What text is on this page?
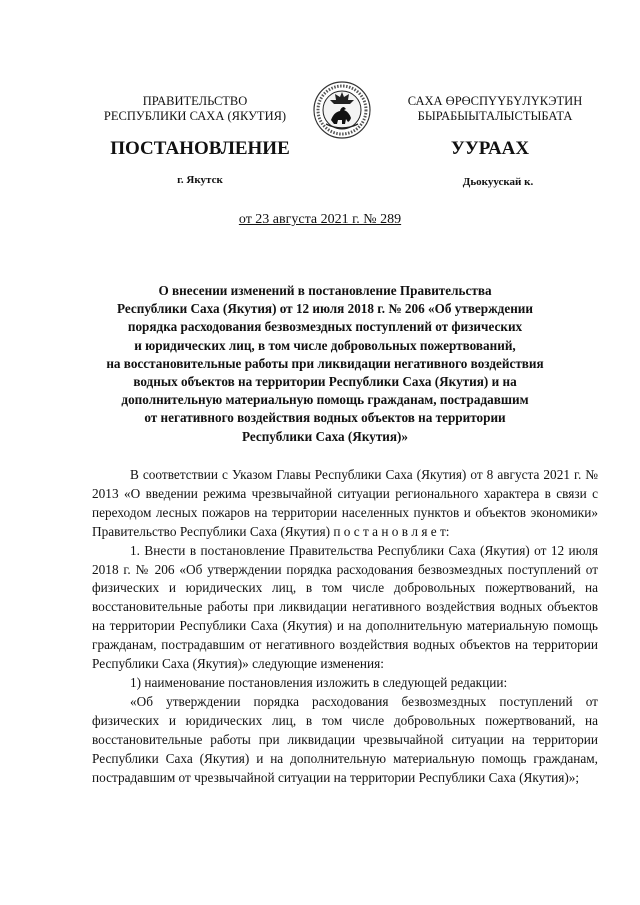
ПРАВИТЕЛЬСТВО
РЕСПУБЛИКИ САХА (ЯКУТИЯ)
САХА ӨРӨСПҮҮБҮЛҮКЭТИН
БЫРАБЫЫТАЛЫСТЫБАТА
ПОСТАНОВЛЕНИЕ	УУРААХ
г. Якутск	Дьокуускай к.
от 23 августа 2021 г. № 289
О внесении изменений в постановление Правительства
Республики Саха (Якутия) от 12 июля 2018 г. № 206 «Об утверждении
порядка расходования безвозмездных поступлений от физических
и юридических лиц, в том числе добровольных пожертвований,
на восстановительные работы при ликвидации негативного воздействия
водных объектов на территории Республики Саха (Якутия) и на
дополнительную материальную помощь гражданам, пострадавшим
от негативного воздействия водных объектов на территории
Республики Саха (Якутия)»

В соответствии с Указом Главы Республики Саха (Якутия) от 8 августа 2021 г. № 2013 «О введении режима чрезвычайной ситуации регионального характера в связи с переходом лесных пожаров на территории населенных пунктов и объектов экономики» Правительство Республики Саха (Якутия) п о с т а н о в л я е т:

1. Внести в постановление Правительства Республики Саха (Якутия) от 12 июля 2018 г. № 206 «Об утверждении порядка расходования безвозмездных поступлений от физических и юридических лиц, в том числе добровольных пожертвований, на восстановительные работы при ликвидации негативного воздействия водных объектов на территории Республики Саха (Якутия) и на дополнительную материальную помощь гражданам, пострадавшим от негативного воздействия водных объектов на территории Республики Саха (Якутия)» следующие изменения:

1) наименование постановления изложить в следующей редакции:

«Об утверждении порядка расходования безвозмездных поступлений от физических и юридических лиц, в том числе добровольных пожертвований, на восстановительные работы при ликвидации чрезвычайной ситуации на территории Республики Саха (Якутия) и на дополнительную материальную помощь гражданам, пострадавшим от чрезвычайной ситуации на территории Республики Саха (Якутия)»;
